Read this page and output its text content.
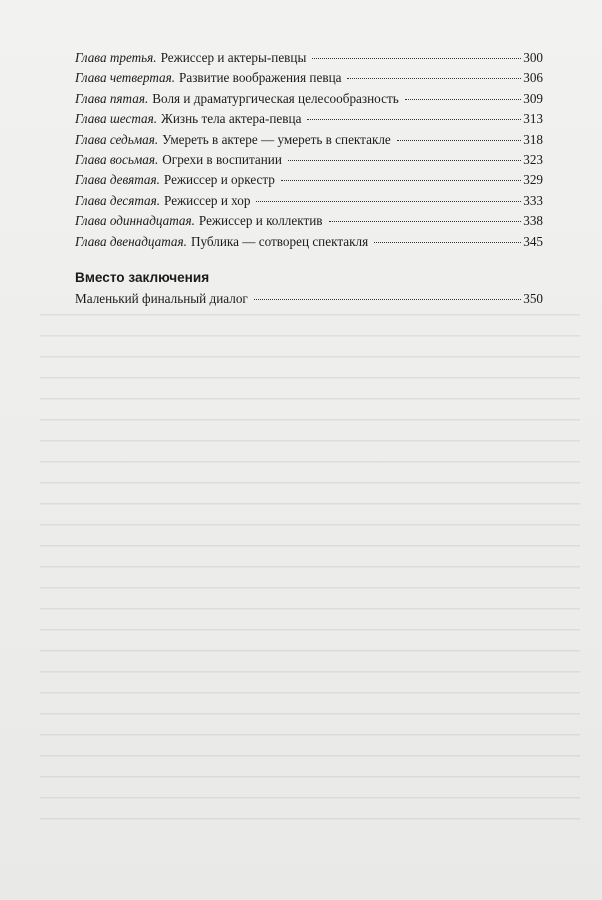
Глава третья. Режиссер и актеры-певцы	300
Глава четвертая. Развитие воображения певца	306
Глава пятая. Воля и драматургическая целесообразность	309
Глава шестая. Жизнь тела актера-певца	313
Глава седьмая. Умереть в актере — умереть в спектакле	318
Глава восьмая. Огрехи в воспитании	323
Глава девятая. Режиссер и оркестр	329
Глава десятая. Режиссер и хор	333
Глава одиннадцатая. Режиссер и коллектив	338
Глава двенадцатая. Публика — сотворец спектакля	345
Вместо заключения
Маленький финальный диалог	350
